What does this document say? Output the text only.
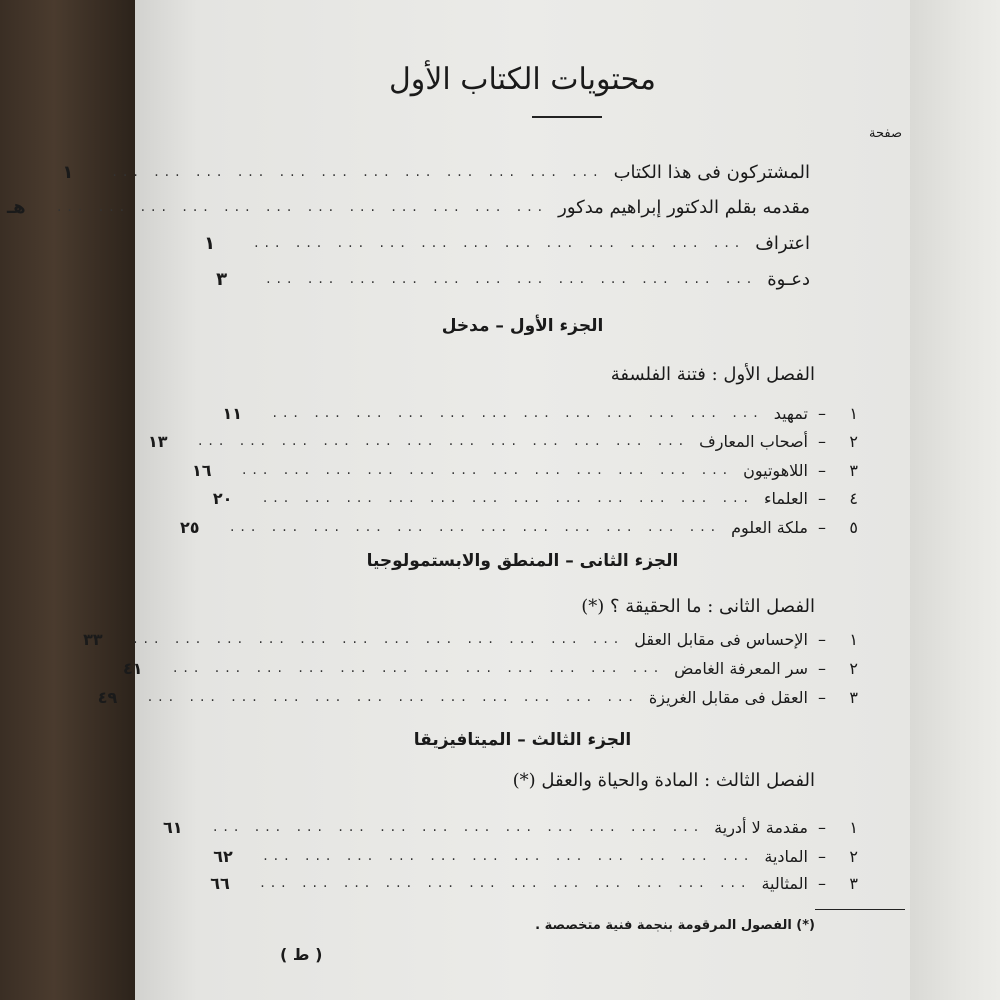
محتويات الكتاب الأول
صفحة
المشتركون فى هذا الكتاب
... ... ... ... ... ... ... ... ... ... ... ...
١
مقدمه بقلم الدكتور إبراهيم مدكور
... ... ... ... ... ... ... ... ... ... ... ...
هـ
اعتراف
... ... ... ... ... ... ... ... ... ... ... ...
١
دعـوة
... ... ... ... ... ... ... ... ... ... ... ...
٣
الجزء الأول – مدخل
الفصل الأول : فتنة الفلسفة
١
–
تمهيد
... ... ... ... ... ... ... ... ... ... ... ...
١١
٢
–
أصحاب المعارف
... ... ... ... ... ... ... ... ... ... ... ...
١٣
٣
–
اللاهوتيون
... ... ... ... ... ... ... ... ... ... ... ...
١٦
٤
–
العلماء
... ... ... ... ... ... ... ... ... ... ... ...
٢٠
٥
–
ملكة العلوم
... ... ... ... ... ... ... ... ... ... ... ...
٢٥
الجزء الثانى – المنطق والابستمولوجيا
الفصل الثانى : ما الحقيقة ؟ (*)
١
–
الإحساس فى مقابل العقل
... ... ... ... ... ... ... ... ... ... ... ...
٣٣
٢
–
سر المعرفة الغامض
... ... ... ... ... ... ... ... ... ... ... ...
٤١
٣
–
العقل فى مقابل الغريزة
... ... ... ... ... ... ... ... ... ... ... ...
٤٩
الجزء الثالث – الميتافيزيقا
الفصل الثالث : المادة والحياة والعقل (*)
١
–
مقدمة لا أدرية
... ... ... ... ... ... ... ... ... ... ... ...
٦١
٢
–
المادية
... ... ... ... ... ... ... ... ... ... ... ...
٦٢
٣
–
المثالية
... ... ... ... ... ... ... ... ... ... ... ...
٦٦
(*) الفصول المرقومة بنجمة فنية متخصصة .
( ط )
